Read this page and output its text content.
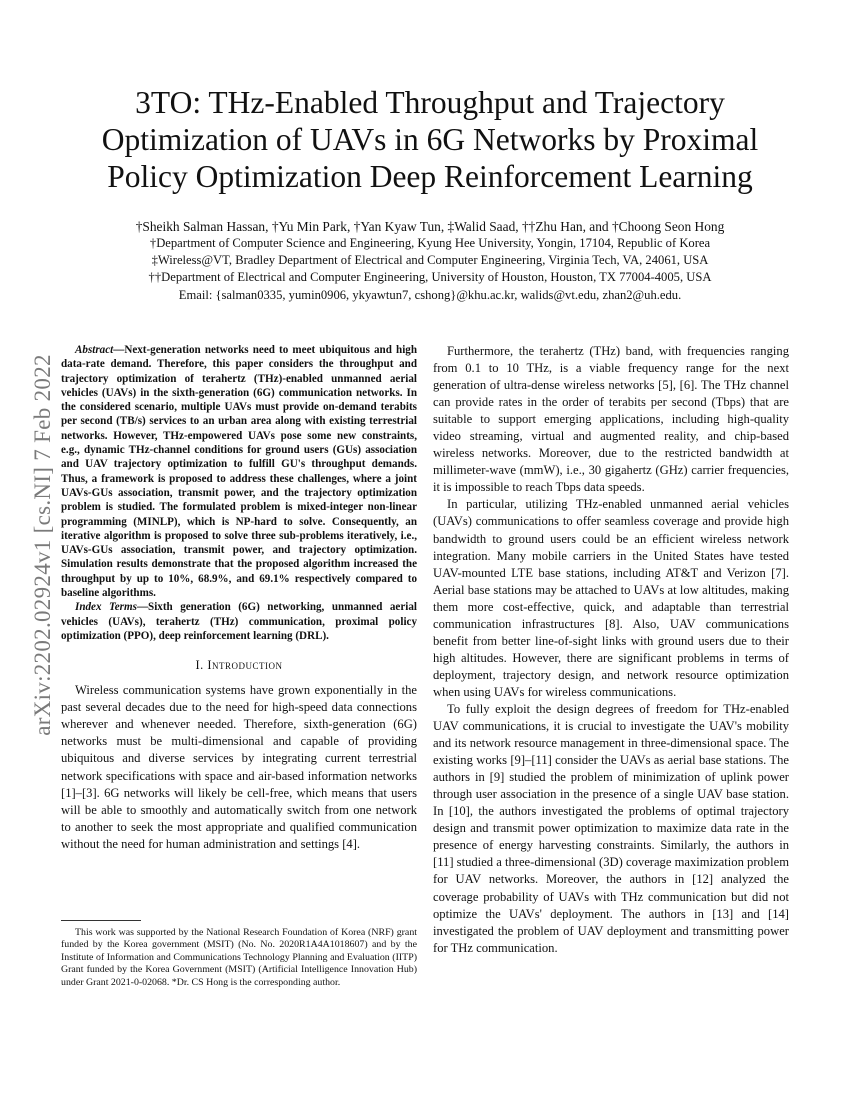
arXiv:2202.02924v1 [cs.NI] 7 Feb 2022
3TO: THz-Enabled Throughput and Trajectory
Optimization of UAVs in 6G Networks by Proximal
Policy Optimization Deep Reinforcement Learning
†Sheikh Salman Hassan, †Yu Min Park, †Yan Kyaw Tun, ‡Walid Saad, ††Zhu Han, and †Choong Seon Hong
†Department of Computer Science and Engineering, Kyung Hee University, Yongin, 17104, Republic of Korea
‡Wireless@VT, Bradley Department of Electrical and Computer Engineering, Virginia Tech, VA, 24061, USA
††Department of Electrical and Computer Engineering, University of Houston, Houston, TX 77004-4005, USA
Email: {salman0335, yumin0906, ykyawtun7, cshong}@khu.ac.kr, walids@vt.edu, zhan2@uh.edu.

Abstract—Next-generation networks need to meet ubiquitous and high data-rate demand. Therefore, this paper considers the throughput and trajectory optimization of terahertz (THz)-enabled unmanned aerial vehicles (UAVs) in the sixth-generation (6G) communication networks. In the considered scenario, multiple UAVs must provide on-demand terabits per second (TB/s) services to an urban area along with existing terrestrial networks. However, THz-empowered UAVs pose some new constraints, e.g., dynamic THz-channel conditions for ground users (GUs) association and UAV trajectory optimization to fulfill GU's throughput demands. Thus, a framework is proposed to address these challenges, where a joint UAVs-GUs association, transmit power, and the trajectory optimization problem is studied. The formulated problem is mixed-integer non-linear programming (MINLP), which is NP-hard to solve. Consequently, an iterative algorithm is proposed to solve three sub-problems iteratively, i.e., UAVs-GUs association, transmit power, and trajectory optimization. Simulation results demonstrate that the proposed algorithm increased the throughput by up to 10%, 68.9%, and 69.1% respectively compared to baseline algorithms.

Index Terms—Sixth generation (6G) networking, unmanned aerial vehicles (UAVs), terahertz (THz) communication, proximal policy optimization (PPO), deep reinforcement learning (DRL).

I. Introduction

Wireless communication systems have grown exponentially in the past several decades due to the need for high-speed data connections wherever and whenever needed. Therefore, sixth-generation (6G) networks must be multi-dimensional and capable of providing ubiquitous and diverse services by integrating current terrestrial network specifications with space and air-based information networks [1]–[3]. 6G networks will likely be cell-free, which means that users will be able to smoothly and automatically switch from one network to another to seek the most appropriate and qualified communication without the need for human administration and settings [4].

This work was supported by the National Research Foundation of Korea (NRF) grant funded by the Korea government (MSIT) (No. No. 2020R1A4A1018607) and by the Institute of Information and Communications Technology Planning and Evaluation (IITP) Grant funded by the Korea Government (MSIT) (Artificial Intelligence Innovation Hub) under Grant 2021-0-02068. *Dr. CS Hong is the corresponding author.

Furthermore, the terahertz (THz) band, with frequencies ranging from 0.1 to 10 THz, is a viable frequency range for the next generation of ultra-dense wireless networks [5], [6]. The THz channel can provide rates in the order of terabits per second (Tbps) that are suitable to support emerging applications, including high-quality video streaming, virtual and augmented reality, and chip-based wireless networks. Moreover, due to the restricted bandwidth at millimeter-wave (mmW), i.e., 30 gigahertz (GHz) carrier frequencies, it is impossible to reach Tbps data speeds.

In particular, utilizing THz-enabled unmanned aerial vehicles (UAVs) communications to offer seamless coverage and provide high bandwidth to ground users could be an efficient wireless network integration. Many mobile carriers in the United States have tested UAV-mounted LTE base stations, including AT&T and Verizon [7]. Aerial base stations may be attached to UAVs at low altitudes, making them more cost-effective, quick, and adaptable than terrestrial communication infrastructures [8]. Also, UAV communications benefit from better line-of-sight links with ground users due to their high altitudes. However, there are significant problems in terms of deployment, trajectory design, and network resource optimization when using UAVs for wireless communications.

To fully exploit the design degrees of freedom for THz-enabled UAV communications, it is crucial to investigate the UAV's mobility and its network resource management in three-dimensional space. The existing works [9]–[11] consider the UAVs as aerial base stations. The authors in [9] studied the problem of minimization of uplink power through user association in the presence of a single UAV base station. In [10], the authors investigated the problems of optimal trajectory design and transmit power optimization to maximize data rate in the presence of energy harvesting constraints. Similarly, the authors in [11] studied a three-dimensional (3D) coverage maximization problem for UAV networks. Moreover, the authors in [12] analyzed the coverage probability of UAVs with THz communication but did not optimize the UAVs' deployment. The authors in [13] and [14] investigated the problem of UAV deployment and transmitting power for THz communication.
